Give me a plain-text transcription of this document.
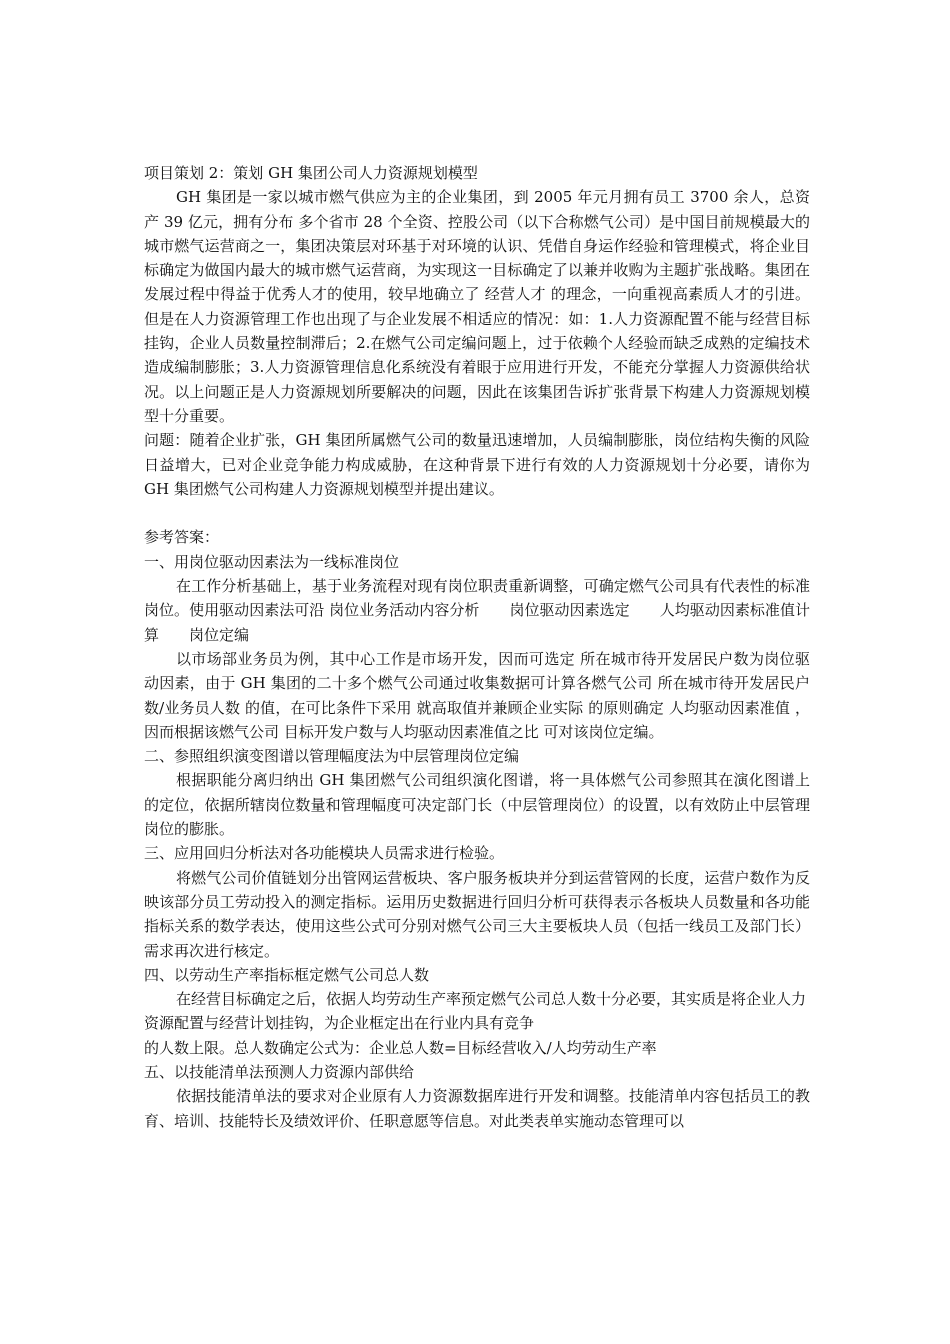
项目策划 2：策划 GH 集团公司人力资源规划模型

GH 集团是一家以城市燃气供应为主的企业集团，到 2005 年元月拥有员工 3700 余人，总资产 39 亿元，拥有分布 多个省市 28 个全资、控股公司（以下合称燃气公司）是中国目前规模最大的城市燃气运营商之一，集团决策层对环基于对环境的认识、凭借自身运作经验和管理模式，将企业目标确定为做国内最大的城市燃气运营商，为实现这一目标确定了以兼并收购为主题扩张战略。集团在发展过程中得益于优秀人才的使用，较早地确立了 经营人才 的理念，一向重视高素质人才的引进。但是在人力资源管理工作也出现了与企业发展不相适应的情况：如：1.人力资源配置不能与经营目标挂钩，企业人员数量控制滞后；2.在燃气公司定编问题上，过于依赖个人经验而缺乏成熟的定编技术造成编制膨胀；3.人力资源管理信息化系统没有着眼于应用进行开发，不能充分掌握人力资源供给状况。以上问题正是人力资源规划所要解决的问题，因此在该集团告诉扩张背景下构建人力资源规划模型十分重要。

问题：随着企业扩张，GH 集团所属燃气公司的数量迅速增加，人员编制膨胀，岗位结构失衡的风险日益增大，已对企业竞争能力构成威胁，在这种背景下进行有效的人力资源规划十分必要，请你为 GH 集团燃气公司构建人力资源规划模型并提出建议。

参考答案：

一、用岗位驱动因素法为一线标准岗位

在工作分析基础上，基于业务流程对现有岗位职责重新调整，可确定燃气公司具有代表性的标准岗位。使用驱动因素法可沿 岗位业务活动内容分析　　岗位驱动因素选定　　人均驱动因素标准值计算　　岗位定编

以市场部业务员为例，其中心工作是市场开发，因而可选定 所在城市待开发居民户数为岗位驱动因素，由于 GH 集团的二十多个燃气公司通过收集数据可计算各燃气公司 所在城市待开发居民户数/业务员人数 的值，在可比条件下采用 就高取值并兼顾企业实际 的原则确定 人均驱动因素准值 ，因而根据该燃气公司 目标开发户数与人均驱动因素准值之比 可对该岗位定编。

二、参照组织演变图谱以管理幅度法为中层管理岗位定编

根据职能分离归纳出 GH 集团燃气公司组织演化图谱，将一具体燃气公司参照其在演化图谱上的定位，依据所辖岗位数量和管理幅度可决定部门长（中层管理岗位）的设置，以有效防止中层管理岗位的膨胀。

三、应用回归分析法对各功能模块人员需求进行检验。

将燃气公司价值链划分出管网运营板块、客户服务板块并分到运营管网的长度，运营户数作为反映该部分员工劳动投入的测定指标。运用历史数据进行回归分析可获得表示各板块人员数量和各功能指标关系的数学表达，使用这些公式可分别对燃气公司三大主要板块人员（包括一线员工及部门长）需求再次进行核定。

四、以劳动生产率指标框定燃气公司总人数

在经营目标确定之后，依据人均劳动生产率预定燃气公司总人数十分必要，其实质是将企业人力资源配置与经营计划挂钩，为企业框定出在行业内具有竞争

的人数上限。总人数确定公式为：企业总人数=目标经营收入/人均劳动生产率

五、以技能清单法预测人力资源内部供给

依据技能清单法的要求对企业原有人力资源数据库进行开发和调整。技能清单内容包括员工的教育、培训、技能特长及绩效评价、任职意愿等信息。对此类表单实施动态管理可以
